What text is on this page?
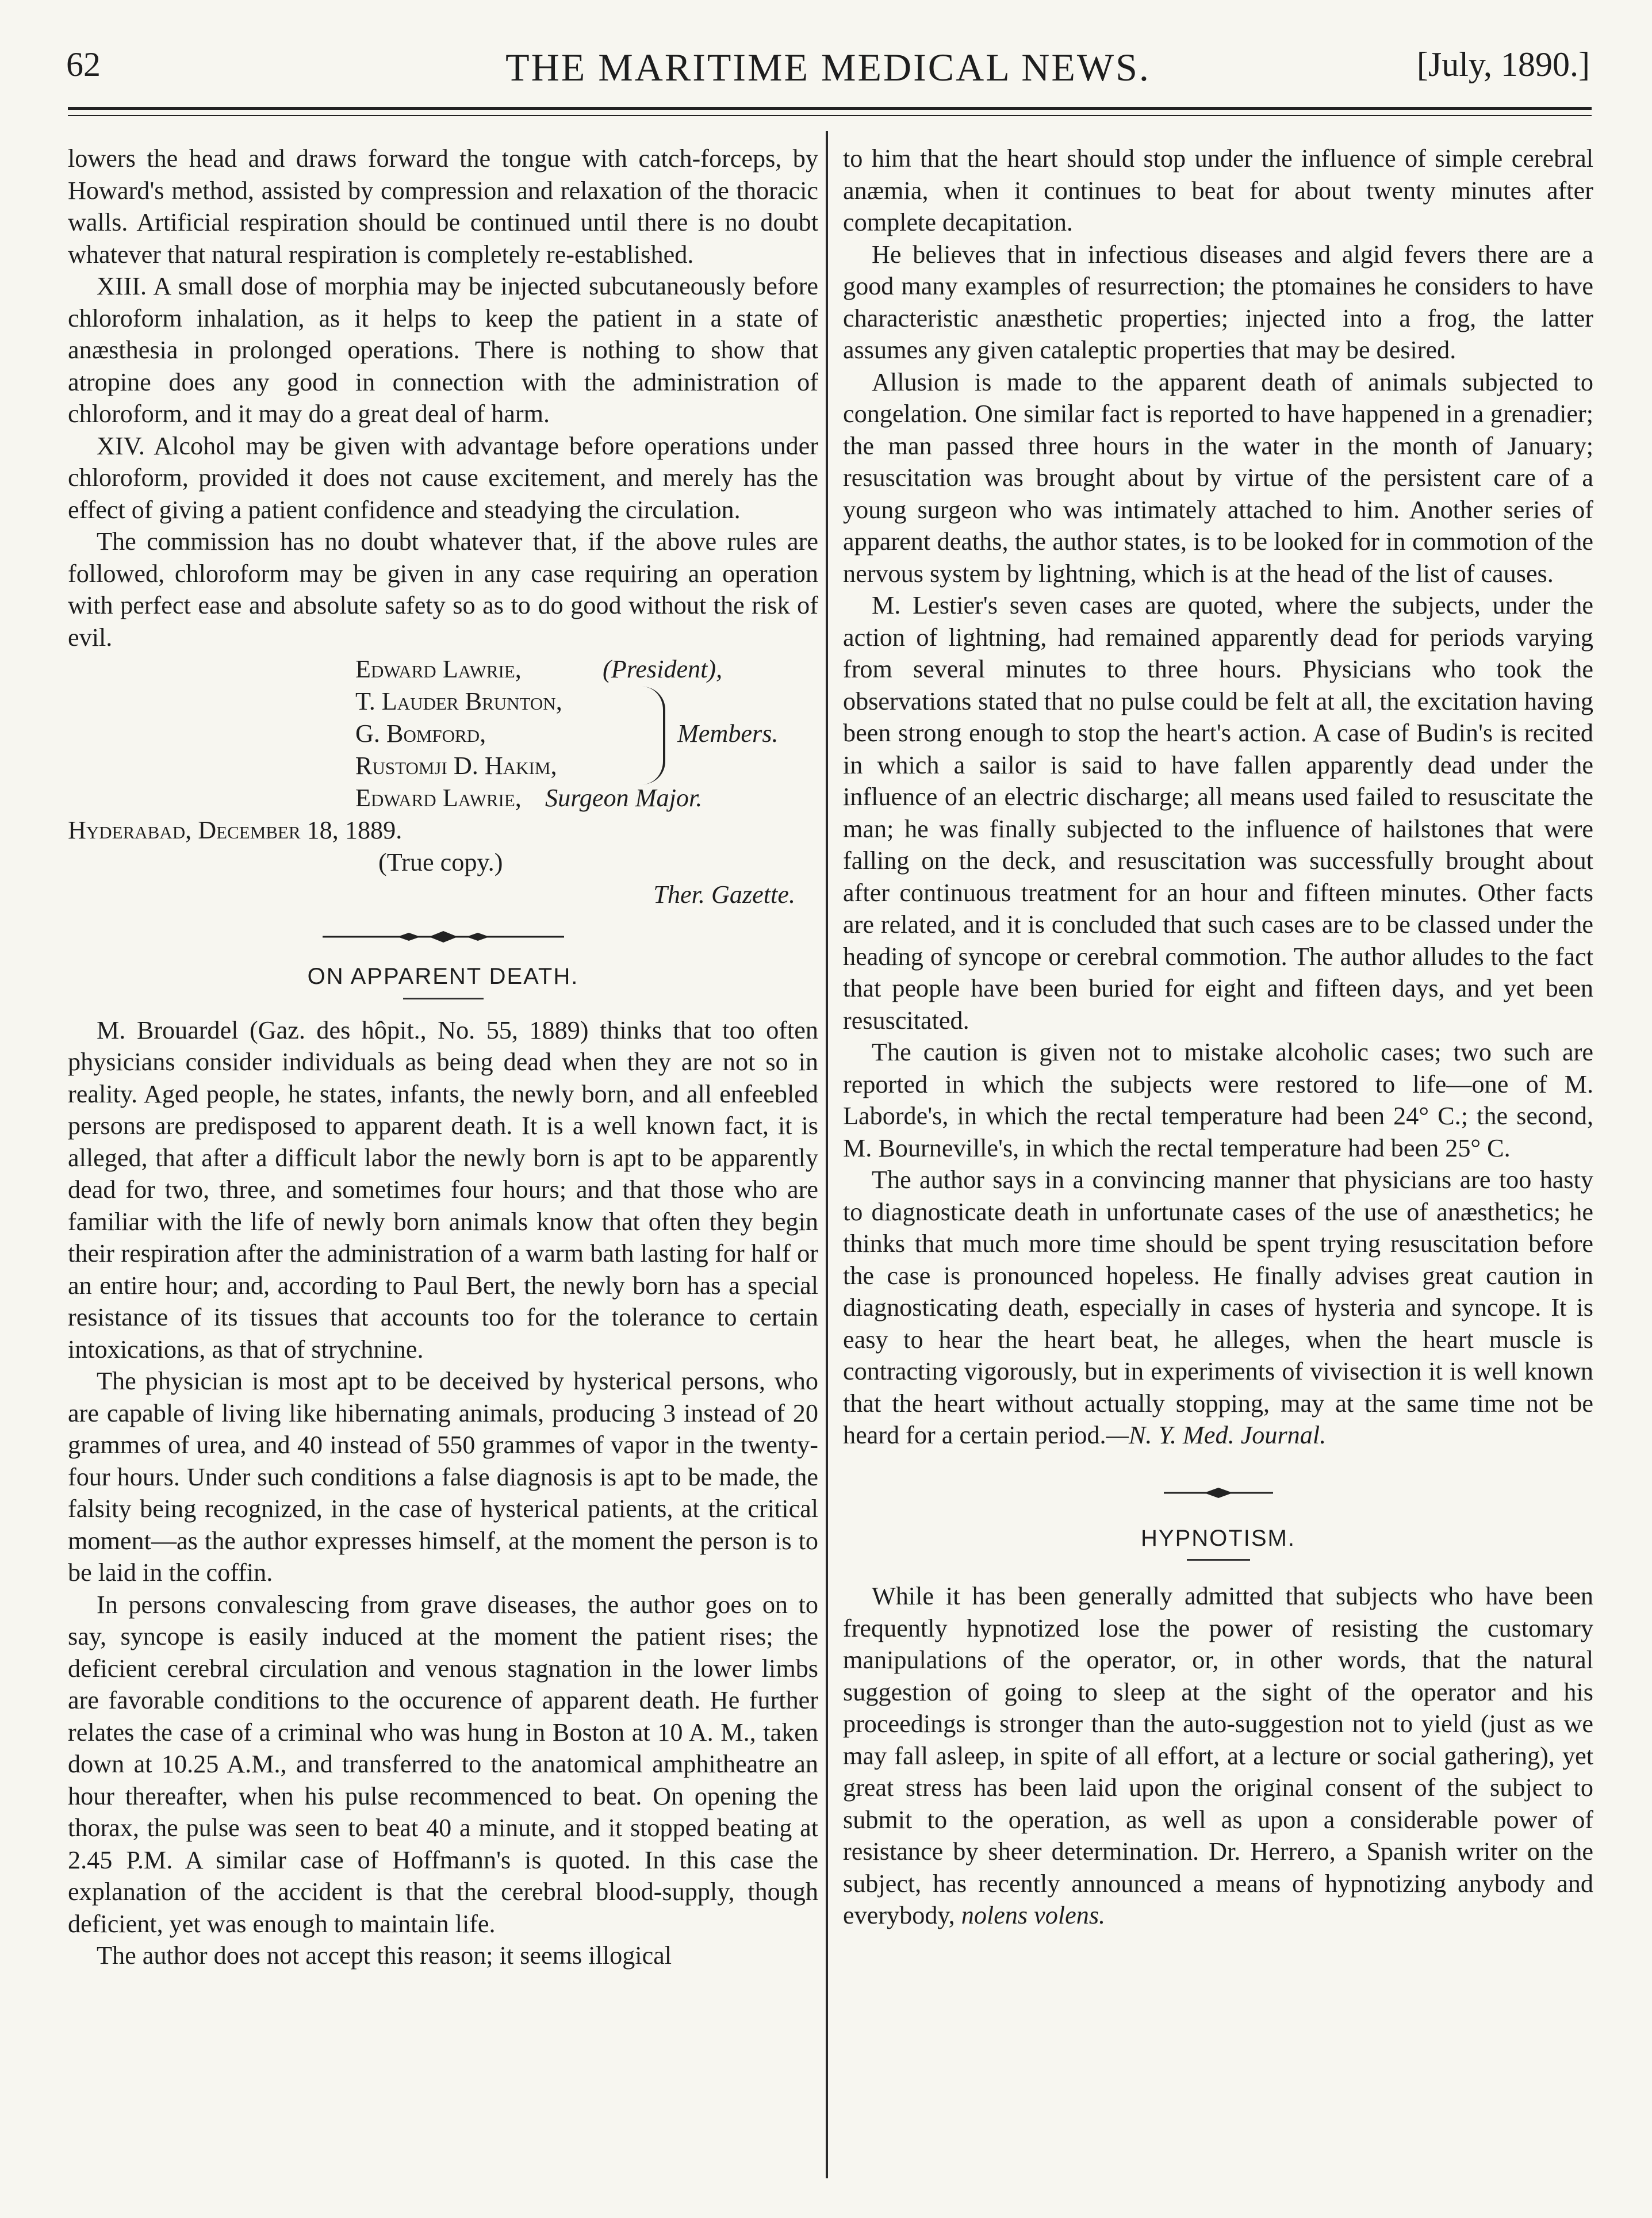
62	THE MARITIME MEDICAL NEWS.	[July, 1890.]

lowers the head and draws forward the tongue with catch-forceps, by Howard's method, assisted by compression and relaxation of the thoracic walls. Artificial respiration should be continued until there is no doubt whatever that natural respiration is completely re-established.

XIII. A small dose of morphia may be injected subcutaneously before chloroform inhalation, as it helps to keep the patient in a state of anæsthesia in prolonged operations. There is nothing to show that atropine does any good in connection with the administration of chloroform, and it may do a great deal of harm.

XIV. Alcohol may be given with advantage before operations under chloroform, provided it does not cause excitement, and merely has the effect of giving a patient confidence and steadying the circulation.

The commission has no doubt whatever that, if the above rules are followed, chloroform may be given in any case requiring an operation with perfect ease and absolute safety so as to do good without the risk of evil.

Edward Lawrie,	(President),
T. Lauder Brunton,
G. Bomford,
Rustomji D. Hakim,
Members.
Edward Lawrie, Surgeon Major.
Hyderabad, December 18, 1889.
(True copy.)
Ther. Gazette.
ON APPARENT DEATH.

M. Brouardel (Gaz. des hôpit., No. 55, 1889) thinks that too often physicians consider individuals as being dead when they are not so in reality. Aged people, he states, infants, the newly born, and all enfeebled persons are predisposed to apparent death. It is a well known fact, it is alleged, that after a difficult labor the newly born is apt to be apparently dead for two, three, and sometimes four hours; and that those who are familiar with the life of newly born animals know that often they begin their respiration after the administration of a warm bath lasting for half or an entire hour; and, according to Paul Bert, the newly born has a special resistance of its tissues that accounts too for the tolerance to certain intoxications, as that of strychnine.

The physician is most apt to be deceived by hysterical persons, who are capable of living like hibernating animals, producing 3 instead of 20 grammes of urea, and 40 instead of 550 grammes of vapor in the twenty-four hours. Under such conditions a false diagnosis is apt to be made, the falsity being recognized, in the case of hysterical patients, at the critical moment—as the author expresses himself, at the moment the person is to be laid in the coffin.

In persons convalescing from grave diseases, the author goes on to say, syncope is easily induced at the moment the patient rises; the deficient cerebral circulation and venous stagnation in the lower limbs are favorable conditions to the occurence of apparent death. He further relates the case of a criminal who was hung in Boston at 10 A. M., taken down at 10.25 A.M., and transferred to the anatomical amphitheatre an hour thereafter, when his pulse recommenced to beat. On opening the thorax, the pulse was seen to beat 40 a minute, and it stopped beating at 2.45 P.M. A similar case of Hoffmann's is quoted. In this case the explanation of the accident is that the cerebral blood-supply, though deficient, yet was enough to maintain life.

The author does not accept this reason; it seems illogical

to him that the heart should stop under the influence of simple cerebral anæmia, when it continues to beat for about twenty minutes after complete decapitation.

He believes that in infectious diseases and algid fevers there are a good many examples of resurrection; the ptomaines he considers to have characteristic anæsthetic properties; injected into a frog, the latter assumes any given cataleptic properties that may be desired.

Allusion is made to the apparent death of animals subjected to congelation. One similar fact is reported to have happened in a grenadier; the man passed three hours in the water in the month of January; resuscitation was brought about by virtue of the persistent care of a young surgeon who was intimately attached to him. Another series of apparent deaths, the author states, is to be looked for in commotion of the nervous system by lightning, which is at the head of the list of causes.

M. Lestier's seven cases are quoted, where the subjects, under the action of lightning, had remained apparently dead for periods varying from several minutes to three hours. Physicians who took the observations stated that no pulse could be felt at all, the excitation having been strong enough to stop the heart's action. A case of Budin's is recited in which a sailor is said to have fallen apparently dead under the influence of an electric discharge; all means used failed to resuscitate the man; he was finally subjected to the influence of hailstones that were falling on the deck, and resuscitation was successfully brought about after continuous treatment for an hour and fifteen minutes. Other facts are related, and it is concluded that such cases are to be classed under the heading of syncope or cerebral commotion. The author alludes to the fact that people have been buried for eight and fifteen days, and yet been resuscitated.

The caution is given not to mistake alcoholic cases; two such are reported in which the subjects were restored to life—one of M. Laborde's, in which the rectal temperature had been 24° C.; the second, M. Bourneville's, in which the rectal temperature had been 25° C.

The author says in a convincing manner that physicians are too hasty to diagnosticate death in unfortunate cases of the use of anæsthetics; he thinks that much more time should be spent trying resuscitation before the case is pronounced hopeless. He finally advises great caution in diagnosticating death, especially in cases of hysteria and syncope. It is easy to hear the heart beat, he alleges, when the heart muscle is contracting vigorously, but in experiments of vivisection it is well known that the heart without actually stopping, may at the same time not be heard for a certain period.—N. Y. Med. Journal.

HYPNOTISM.

While it has been generally admitted that subjects who have been frequently hypnotized lose the power of resisting the customary manipulations of the operator, or, in other words, that the natural suggestion of going to sleep at the sight of the operator and his proceedings is stronger than the auto-suggestion not to yield (just as we may fall asleep, in spite of all effort, at a lecture or social gathering), yet great stress has been laid upon the original consent of the subject to submit to the operation, as well as upon a considerable power of resistance by sheer determination. Dr. Herrero, a Spanish writer on the subject, has recently announced a means of hypnotizing anybody and everybody, nolens volens.
